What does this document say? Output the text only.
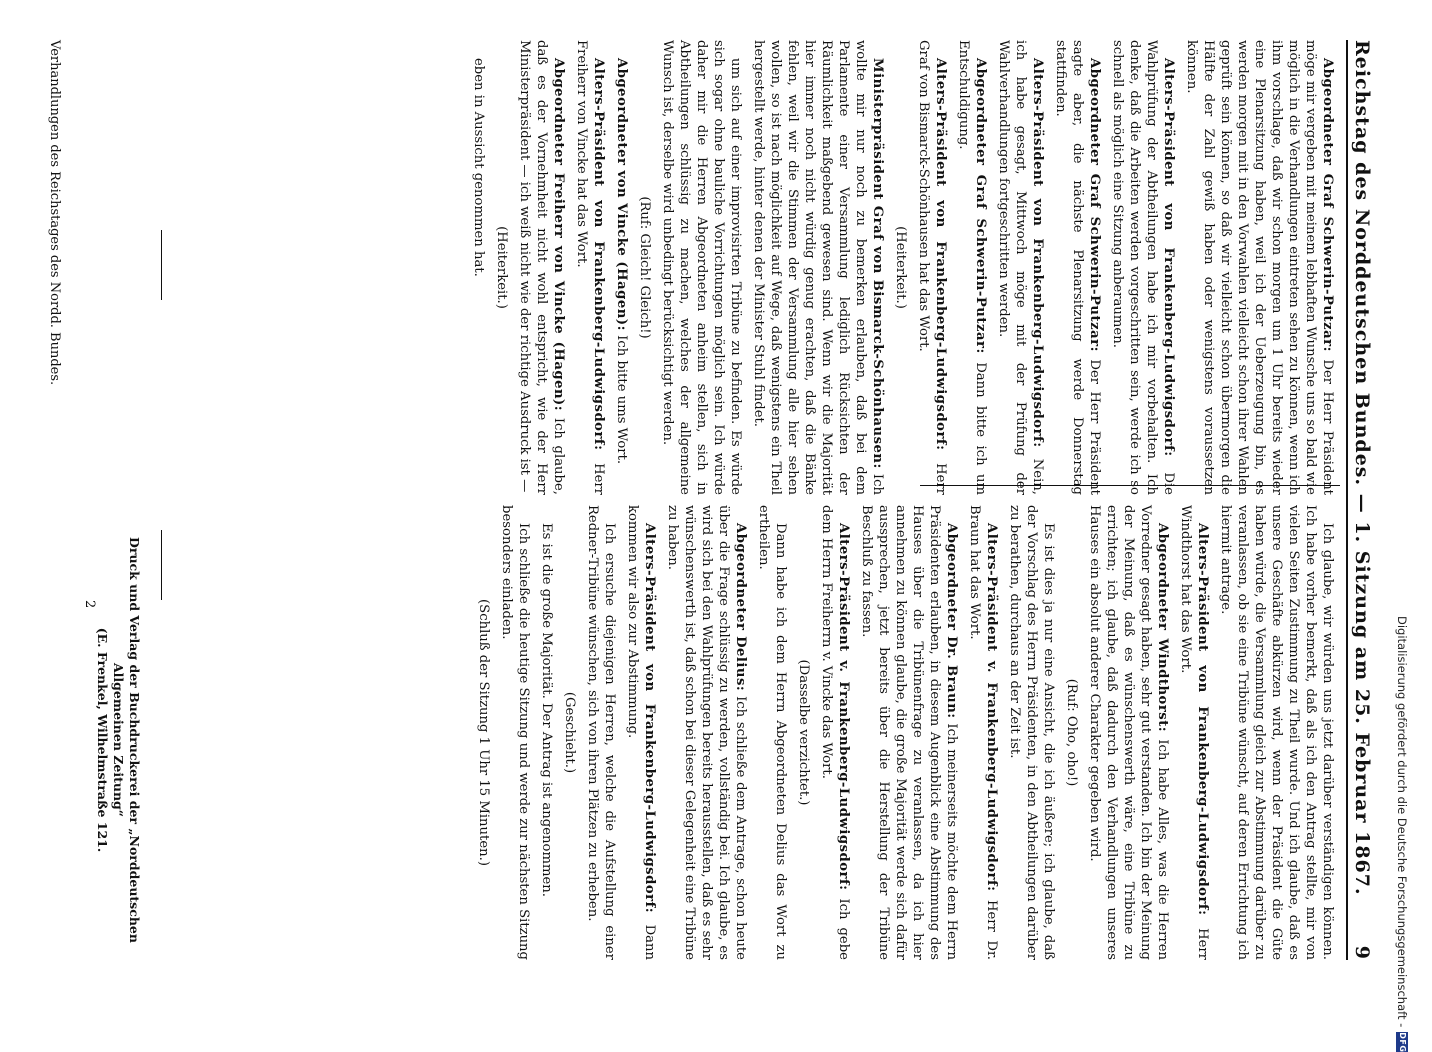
Reichstag des Norddeutschen Bundes. — 1. Sitzung am 25. Februar 1867.
9

Abgeordneter Graf Schwerin-Putzar: Der Herr Präsident möge mir vergeben mit meinem lebhaften Wunsche uns so bald wie möglich in die Verhandlungen eintreten sehen zu können, wenn ich ihm vorschlage, daß wir schon morgen um 1 Uhr bereits wieder eine Plenarsitzung haben, weil ich der Ueberzeugung bin, es werden morgen mit in den Vorwahlen vielleicht schon ihrer Wahlen geprüft sein können, so daß wir vielleicht schon übermorgen die Hälfte der Zahl gewiß haben oder wenigstens voraussetzen können.

Alters-Präsident von Frankenberg-Ludwigsdorf: Die Wahlprüfung der Abtheilungen habe ich mir vorbehalten. Ich denke, daß die Arbeiten werden vorgeschritten sein, werde ich so schnell als möglich eine Sitzung anberaumen.

Abgeordneter Graf Schwerin-Putzar: Der Herr Präsident sagte aber, die nächste Plenarsitzung werde Donnerstag stattfinden.

Alters-Präsident von Frankenberg-Ludwigsdorf: Nein, ich habe gesagt, Mittwoch möge mit der Prüfung der Wahlverhandlungen fortgeschritten werden.

Abgeordneter Graf Schwerin-Putzar: Dann bitte ich um Entschuldigung.

Alters-Präsident von Frankenberg-Ludwigsdorf: Herr Graf von Bismarck-Schönhausen hat das Wort.

(Heiterkeit.)

Ministerpräsident Graf von Bismarck-Schönhausen: Ich wollte mir nur noch zu bemerken erlauben, daß bei dem Parlamente einer Versammlung lediglich Rücksichten der Räumlichkeit maßgebend gewesen sind. Wenn wir die Majorität hier immer noch nicht würdig genug erachten, daß die Bänke fehlen, weil wir die Stimmen der Versammlung alle hier sehen wollen, so ist nach möglichkeit auf Wege, daß wenigstens ein Theil hergestellt werde, hinter denen der Minister Stuhl findet.

um sich auf einer improvisirten Tribüne zu befinden. Es würde sich sogar ohne bauliche Vorrichtungen möglich sein. Ich würde daher mir die Herren Abgeordneten anheim stellen, sich in Abtheilungen schlüssig zu machen, welches der allgemeine Wunsch ist, derselbe wird unbedingt berücksichtigt werden.

(Ruf: Gleich! Gleich!)

Abgeordneter von Vincke (Hagen): Ich bitte ums Wort.

Alters-Präsident von Frankenberg-Ludwigsdorf: Herr Freiherr von Vincke hat das Wort.

Abgeordneter Freiherr von Vincke (Hagen): Ich glaube, daß es der Vornehmheit nicht wohl entspricht, wie der Herr Ministerpräsident — ich weiß nicht wie der richtige Ausdruck ist —

(Heiterkeit.)

eben in Aussicht genommen hat.

Ich glaube, wir würden uns jetzt darüber verständigen können. Ich habe vorher bemerkt, daß als ich den Antrag stellte, mir von vielen Seiten Zustimmung zu Theil wurde. Und ich glaube, daß es unsere Geschäfte abkürzen wird, wenn der Präsident die Güte haben würde, die Versammlung gleich zur Abstimmung darüber zu veranlassen, ob sie eine Tribüne wünscht, auf deren Errichtung ich hiermit antrage.

Alters-Präsident von Frankenberg-Ludwigsdorf: Herr Windthorst hat das Wort.

Abgeordneter Windthorst: Ich habe Alles, was die Herren Vorredner gesagt haben, sehr gut verstanden. Ich bin der Meinung der Meinung, daß es wünschenswerth wäre, eine Tribüne zu errichten; ich glaube, daß dadurch den Verhandlungen unseres Hauses ein absolut anderer Charakter gegeben wird.

(Ruf: Oho, oho!)

Es ist dies ja nur eine Ansicht, die ich äußere; ich glaube, daß der Vorschlag des Herrn Präsidenten, in den Abtheilungen darüber zu berathen, durchaus an der Zeit ist.

Alters-Präsident v. Frankenberg-Ludwigsdorf: Herr Dr. Braun hat das Wort.

Abgeordneter Dr. Braun: Ich meinerseits möchte dem Herrn Präsidenten erlauben, in diesem Augenblick eine Abstimmung des Hauses über die Tribünenfrage zu veranlassen, da ich hier annehmen zu können glaube, die große Majorität werde sich dafür aussprechen, jetzt bereits über die Herstellung der Tribüne Beschluß zu fassen.

Alters-Präsident v. Frankenberg-Ludwigsdorf: Ich gebe dem Herrn Freiherrn v. Vincke das Wort.

(Dasselbe verzichtet.)

Dann habe ich dem Herrn Abgeordneten Delius das Wort zu ertheilen.

Abgeordneter Delius: Ich schließe dem Antrage, schon heute über die Frage schlüssig zu werden, vollständig bei. Ich glaube, es wird sich bei den Wahlprüfungen bereits herausstellen, daß es sehr wünschenswerth ist, daß schon bei dieser Gelegenheit eine Tribüne zu haben.

Alters-Präsident von Frankenberg-Ludwigsdorf: Dann kommen wir also zur Abstimmung.

Ich ersuche diejenigen Herren, welche die Aufstellung einer Redner-Tribüne wünschen, sich von ihren Plätzen zu erheben.

(Geschieht.)

Es ist die große Majorität. Der Antrag ist angenommen.

Ich schließe die heutige Sitzung und werde zur nächsten Sitzung besonders einladen.

(Schluß der Sitzung 1 Uhr 15 Minuten.)

Verhandlungen des Reichstages des Nordd. Bundes.
Druck und Verlag der Buchdruckerei der „Norddeutschen Allgemeinen Zeitung“
(E. Frenkel, Wilhelmstraße 121.
2
Digitalisierung gefördert durch die Deutsche Forschungsgemeinschaft -
DFG
